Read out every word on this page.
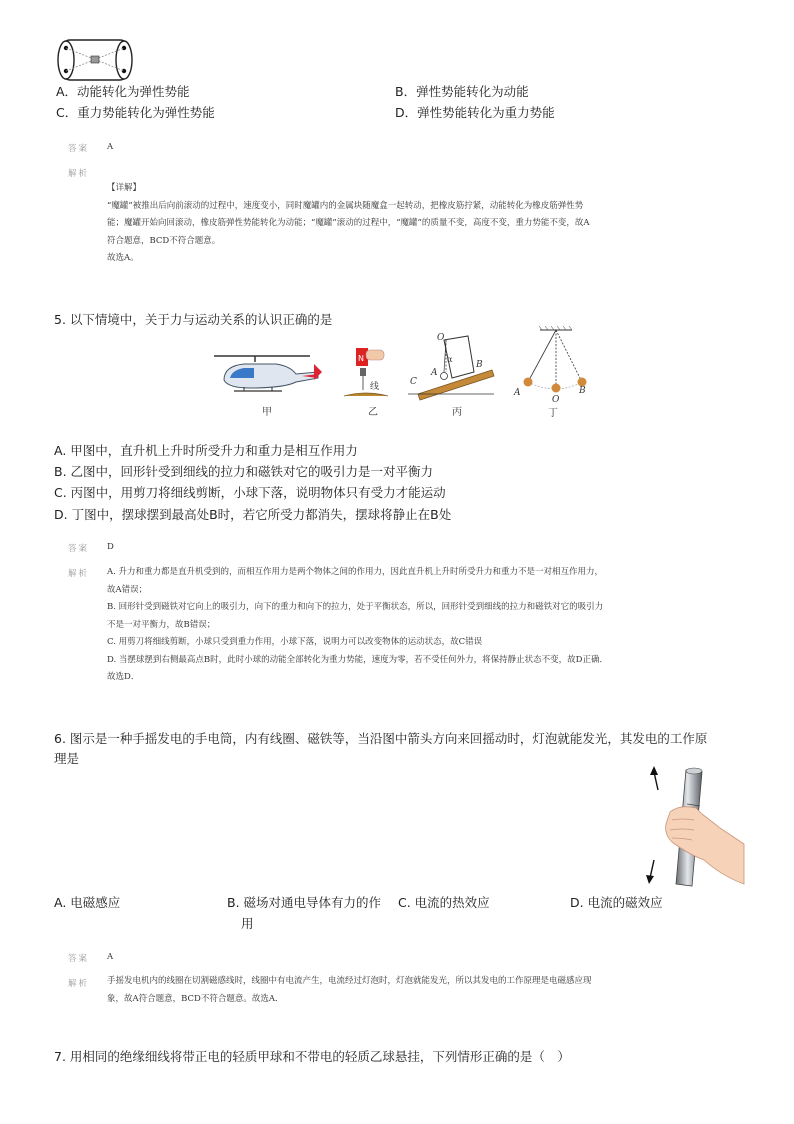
A．动能转化为弹性势能	B．弹性势能转化为动能
C．重力势能转化为弹性势能	D．弹性势能转化为重力势能
答案 A
解析
【详解】
“魔罐”被推出后向前滚动的过程中，速度变小，同时魔罐内的金属块随魔盒一起转动，把橡皮筋拧紧，动能转化为橡皮筋弹性势
能；魔罐开始向回滚动，橡皮筋弹性势能转化为动能；“魔罐”滚动的过程中，“魔罐”的质量不变，高度不变，重力势能不变，故A
符合题意，BCD不符合题意。
故选A。
5. 以下情境中，关于力与运动关系的认识正确的是
甲
N
线
乙
O
α
A
B
C
丙
A
O
B
丁
A. 甲图中，直升机上升时所受升力和重力是相互作用力
B. 乙图中，回形针受到细线的拉力和磁铁对它的吸引力是一对平衡力
C. 丙图中，用剪刀将细线剪断，小球下落，说明物体只有受力才能运动
D. 丁图中，摆球摆到最高处B时，若它所受力都消失，摆球将静止在B处
答案 D
解析 A. 升力和重力都是直升机受到的，而相互作用力是两个物体之间的作用力，因此直升机上升时所受升力和重力不是一对相互作用力，
故A错误；
B. 回形针受到磁铁对它向上的吸引力，向下的重力和向下的拉力，处于平衡状态，所以，回形针受到细线的拉力和磁铁对它的吸引力
不是一对平衡力，故B错误；
C. 用剪刀将细线剪断，小球只受到重力作用，小球下落，说明力可以改变物体的运动状态，故C错误
D. 当摆球摆到右侧最高点B时，此时小球的动能全部转化为重力势能，速度为零，若不受任何外力，将保持静止状态不变，故D正确．
故选D．
6. 图示是一种手摇发电的手电筒，内有线圈、磁铁等，当沿图中箭头方向来回摇动时，灯泡就能发光，其发电的工作原
理是
A. 电磁感应	B. 磁场对通电导体有力的作
用
C. 电流的热效应	D. 电流的磁效应
答案 A
解析 手摇发电机内的线圈在切割磁感线时，线圈中有电流产生，电流经过灯泡时，灯泡就能发光，所以其发电的工作原理是电磁感应现
象，故A符合题意，BCD不符合题意。故选A．
7. 用相同的绝缘细线将带正电的轻质甲球和不带电的轻质乙球悬挂，下列情形正确的是（　）
